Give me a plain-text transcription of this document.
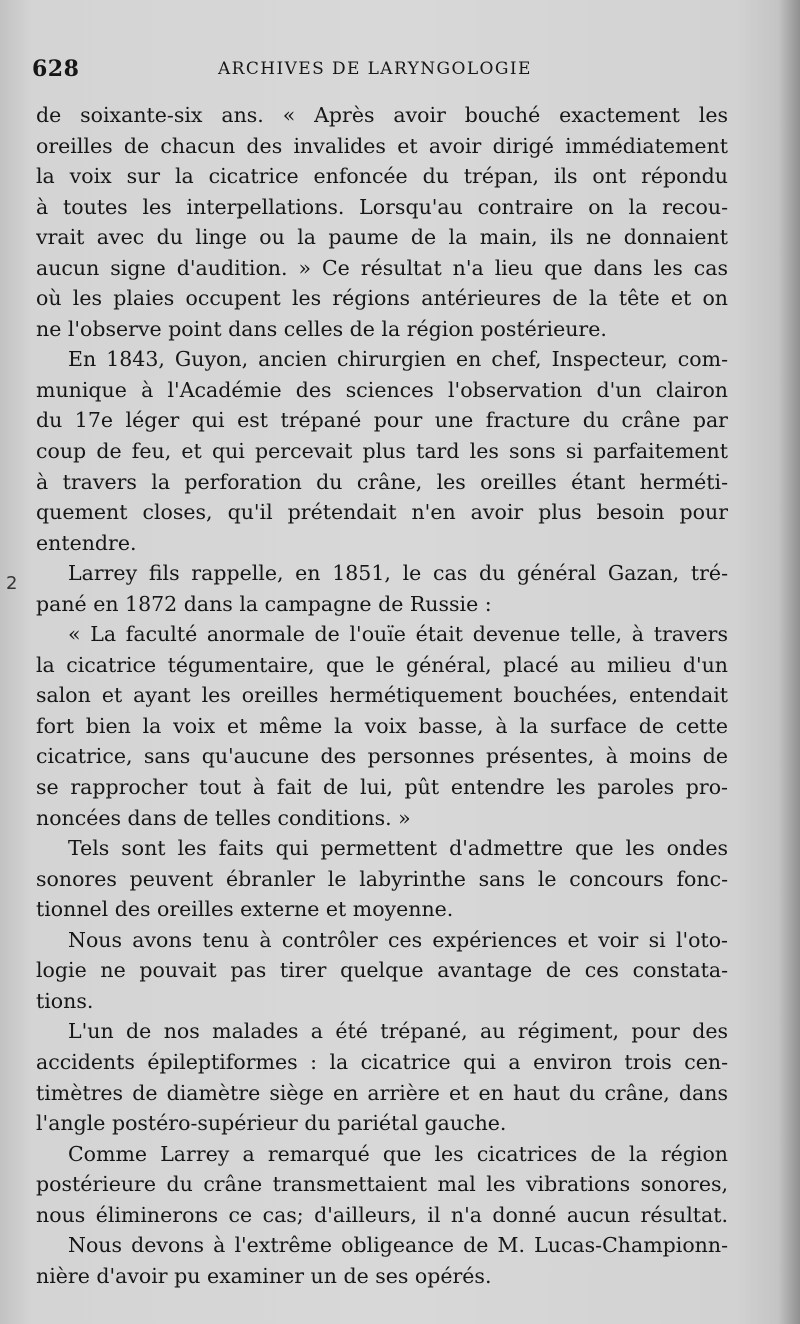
628	ARCHIVES DE LARYNGOLOGIE
2
de soixante-six ans. « Après avoir bouché exactement les
oreilles de chacun des invalides et avoir dirigé immédiatement
la voix sur la cicatrice enfoncée du trépan, ils ont répondu
à toutes les interpellations. Lorsqu'au contraire on la recou-
vrait avec du linge ou la paume de la main, ils ne donnaient
aucun signe d'audition. » Ce résultat n'a lieu que dans les cas
où les plaies occupent les régions antérieures de la tête et on
ne l'observe point dans celles de la région postérieure.
En 1843, Guyon, ancien chirurgien en chef, Inspecteur, com-
munique à l'Académie des sciences l'observation d'un clairon
du 17e léger qui est trépané pour une fracture du crâne par
coup de feu, et qui percevait plus tard les sons si parfaitement
à travers la perforation du crâne, les oreilles étant herméti-
quement closes, qu'il prétendait n'en avoir plus besoin pour
entendre.
Larrey fils rappelle, en 1851, le cas du général Gazan, tré-
pané en 1872 dans la campagne de Russie :
« La faculté anormale de l'ouïe était devenue telle, à travers
la cicatrice tégumentaire, que le général, placé au milieu d'un
salon et ayant les oreilles hermétiquement bouchées, entendait
fort bien la voix et même la voix basse, à la surface de cette
cicatrice, sans qu'aucune des personnes présentes, à moins de
se rapprocher tout à fait de lui, pût entendre les paroles pro-
noncées dans de telles conditions. »
Tels sont les faits qui permettent d'admettre que les ondes
sonores peuvent ébranler le labyrinthe sans le concours fonc-
tionnel des oreilles externe et moyenne.
Nous avons tenu à contrôler ces expériences et voir si l'oto-
logie ne pouvait pas tirer quelque avantage de ces constata-
tions.
L'un de nos malades a été trépané, au régiment, pour des
accidents épileptiformes : la cicatrice qui a environ trois cen-
timètres de diamètre siège en arrière et en haut du crâne, dans
l'angle postéro-supérieur du pariétal gauche.
Comme Larrey a remarqué que les cicatrices de la région
postérieure du crâne transmettaient mal les vibrations sonores,
nous éliminerons ce cas; d'ailleurs, il n'a donné aucun résultat.
Nous devons à l'extrême obligeance de M. Lucas-Championn-
nière d'avoir pu examiner un de ses opérés.
